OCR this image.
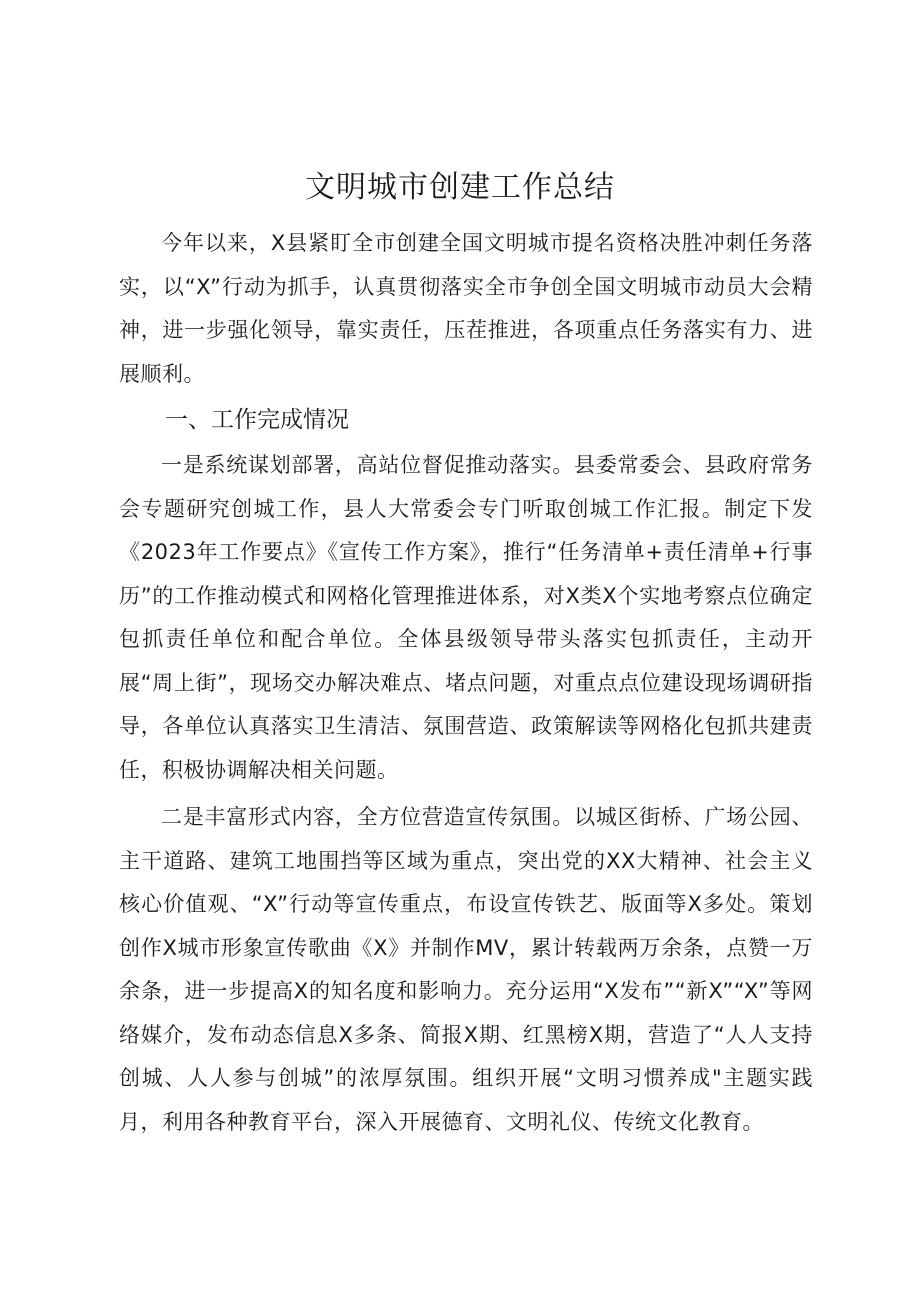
文明城市创建工作总结

今年以来，X县紧盯全市创建全国文明城市提名资格决胜冲刺任务落实，以“X”行动为抓手，认真贯彻落实全市争创全国文明城市动员大会精神，进一步强化领导，靠实责任，压茬推进，各项重点任务落实有力、进展顺利。

一、工作完成情况

一是系统谋划部署，高站位督促推动落实。县委常委会、县政府常务会专题研究创城工作，县人大常委会专门听取创城工作汇报。制定下发《2023年工作要点》《宣传工作方案》，推行“任务清单+责任清单+行事历”的工作推动模式和网格化管理推进体系，对X类X个实地考察点位确定包抓责任单位和配合单位。全体县级领导带头落实包抓责任，主动开展“周上街”，现场交办解决难点、堵点问题，对重点点位建设现场调研指导，各单位认真落实卫生清洁、氛围营造、政策解读等网格化包抓共建责任，积极协调解决相关问题。

二是丰富形式内容，全方位营造宣传氛围。以城区街桥、广场公园、主干道路、建筑工地围挡等区域为重点，突出党的XX大精神、社会主义核心价值观、“X”行动等宣传重点，布设宣传铁艺、版面等X多处。策划创作X城市形象宣传歌曲《X》并制作MV，累计转载两万余条，点赞一万余条，进一步提高X的知名度和影响力。充分运用“X发布”“新X”“X”等网络媒介，发布动态信息X多条、简报X期、红黑榜X期，营造了“人人支持创城、人人参与创城”的浓厚氛围。组织开展“文明习惯养成"主题实践月，利用各种教育平台，深入开展德育、文明礼仪、传统文化教育。
